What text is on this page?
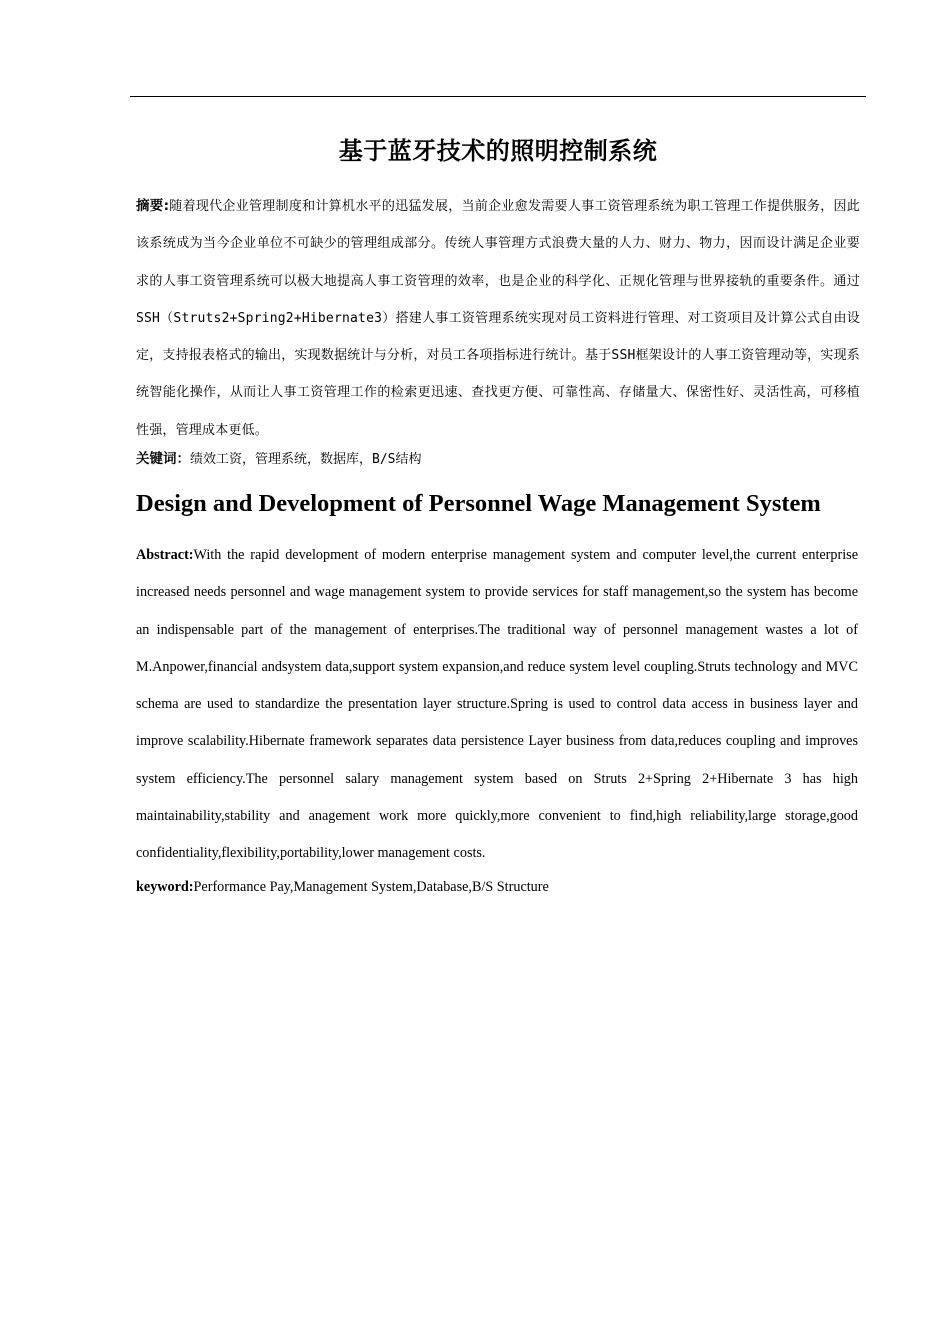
基于蓝牙技术的照明控制系统
摘要:随着现代企业管理制度和计算机水平的迅猛发展，当前企业愈发需要人事工资管理系统为职工管理工作提供服务，因此该系统成为当今企业单位不可缺少的管理组成部分。传统人事管理方式浪费大量的人力、财力、物力，因而设计满足企业要求的人事工资管理系统可以极大地提高人事工资管理的效率，也是企业的科学化、正规化管理与世界接轨的重要条件。通过SSH（Struts2+Spring2+Hibernate3）搭建人事工资管理系统实现对员工资料进行管理、对工资项目及计算公式自由设定，支持报表格式的输出，实现数据统计与分析，对员工各项指标进行统计。基于SSH框架设计的人事工资管理动等，实现系统智能化操作，从而让人事工资管理工作的检索更迅速、查找更方便、可靠性高、存储量大、保密性好、灵活性高，可移植性强，管理成本更低。
关键词：绩效工资，管理系统，数据库，B/S结构
Design and Development of Personnel Wage Management System
Abstract:With the rapid development of modern enterprise management system and computer level,the current enterprise increased needs personnel and wage management system to provide services for staff management,so the system has become an indispensable part of the management of enterprises.The traditional way of personnel management wastes a lot of M.Anpower,financial andsystem data,support system expansion,and reduce system level coupling.Struts technology and MVC schema are used to standardize the presentation layer structure.Spring is used to control data access in business layer and improve scalability.Hibernate framework separates data persistence Layer business from data,reduces coupling and improves system efficiency.The personnel salary management system based on Struts 2+Spring 2+Hibernate 3 has high maintainability,stability and anagement work more quickly,more convenient to find,high reliability,large storage,good confidentiality,flexibility,portability,lower management costs.
keyword:Performance Pay,Management System,Database,B/S Structure
